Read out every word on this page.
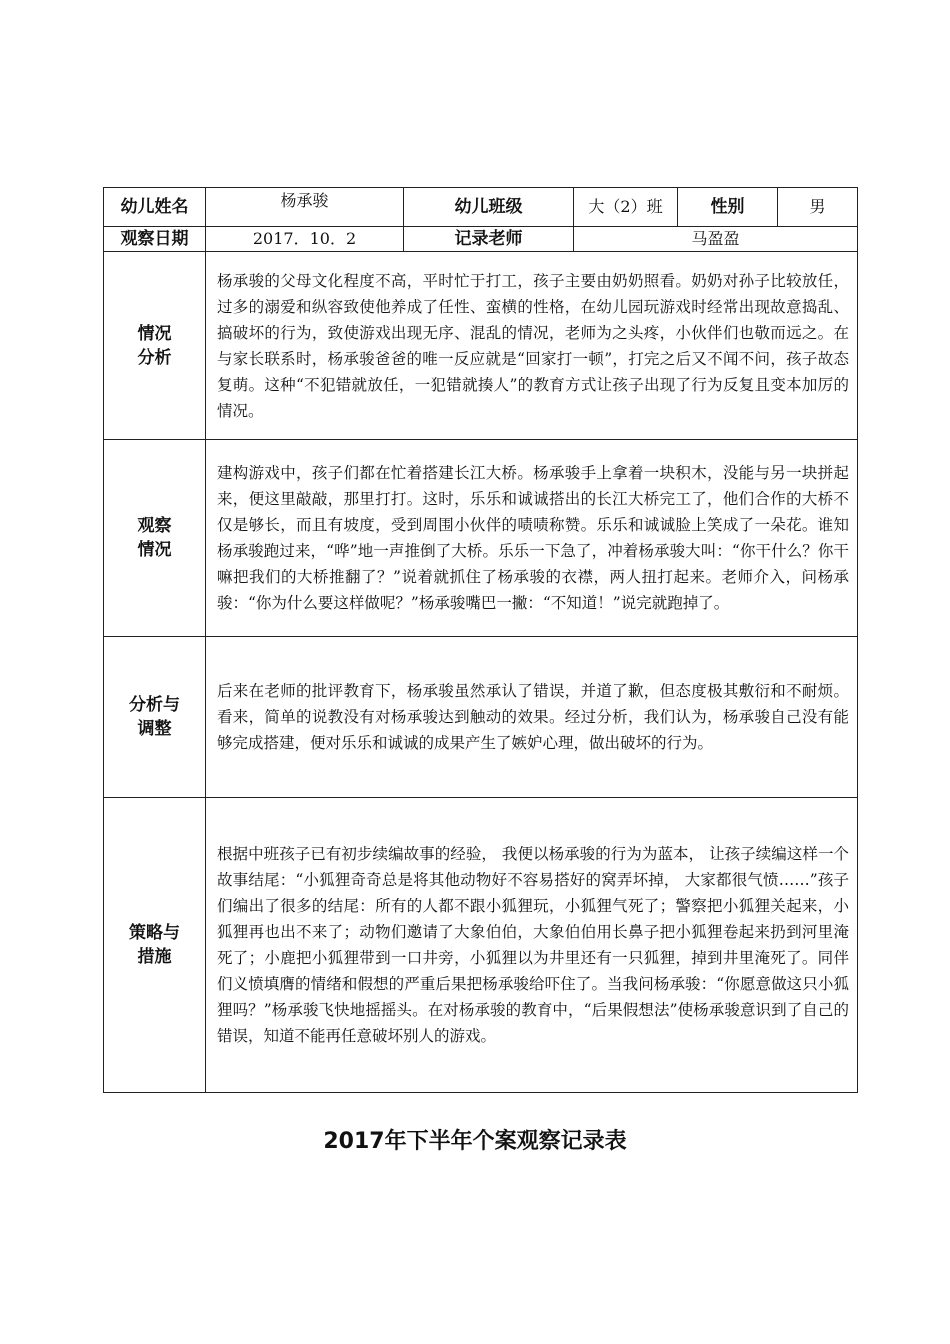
幼儿姓名	杨承骏	幼儿班级	大（2）班	性别	男
观察日期	2017．10．2	记录老师	马盈盈		
情况
分析	杨承骏的父母文化程度不高，平时忙于打工，孩子主要由奶奶照看。奶奶对孙子比较放任，过多的溺爱和纵容致使他养成了任性、蛮横的性格，在幼儿园玩游戏时经常出现故意捣乱、搞破坏的行为，致使游戏出现无序、混乱的情况，老师为之头疼，小伙伴们也敬而远之。在与家长联系时，杨承骏爸爸的唯一反应就是“回家打一顿”，打完之后又不闻不问，孩子故态复萌。这种“不犯错就放任，一犯错就揍人”的教育方式让孩子出现了行为反复且变本加厉的情况。				
观察
情况	建构游戏中，孩子们都在忙着搭建长江大桥。杨承骏手上拿着一块积木，没能与另一块拼起来，便这里敲敲，那里打打。这时，乐乐和诚诚搭出的长江大桥完工了，他们合作的大桥不仅是够长，而且有坡度，受到周围小伙伴的啧啧称赞。乐乐和诚诚脸上笑成了一朵花。谁知杨承骏跑过来，“哗”地一声推倒了大桥。乐乐一下急了，冲着杨承骏大叫：“你干什么？你干嘛把我们的大桥推翻了？”说着就抓住了杨承骏的衣襟，两人扭打起来。老师介入，问杨承骏：“你为什么要这样做呢？”杨承骏嘴巴一撇：“不知道！”说完就跑掉了。				
分析与
调整	后来在老师的批评教育下，杨承骏虽然承认了错误，并道了歉，但态度极其敷衍和不耐烦。看来，简单的说教没有对杨承骏达到触动的效果。经过分析，我们认为，杨承骏自己没有能够完成搭建，便对乐乐和诚诚的成果产生了嫉妒心理，做出破坏的行为。				
策略与
措施	根据中班孩子已有初步续编故事的经验， 我便以杨承骏的行为为蓝本， 让孩子续编这样一个故事结尾：“小狐狸奇奇总是将其他动物好不容易搭好的窝弄坏掉， 大家都很气愤……”孩子们编出了很多的结尾：所有的人都不跟小狐狸玩，小狐狸气死了；警察把小狐狸关起来，小狐狸再也出不来了；动物们邀请了大象伯伯，大象伯伯用长鼻子把小狐狸卷起来扔到河里淹死了；小鹿把小狐狸带到一口井旁，小狐狸以为井里还有一只狐狸，掉到井里淹死了。同伴们义愤填膺的情绪和假想的严重后果把杨承骏给吓住了。当我问杨承骏：“你愿意做这只小狐狸吗？”杨承骏飞快地摇摇头。在对杨承骏的教育中，“后果假想法”使杨承骏意识到了自己的错误，知道不能再任意破坏别人的游戏。				
2017年下半年个案观察记录表
